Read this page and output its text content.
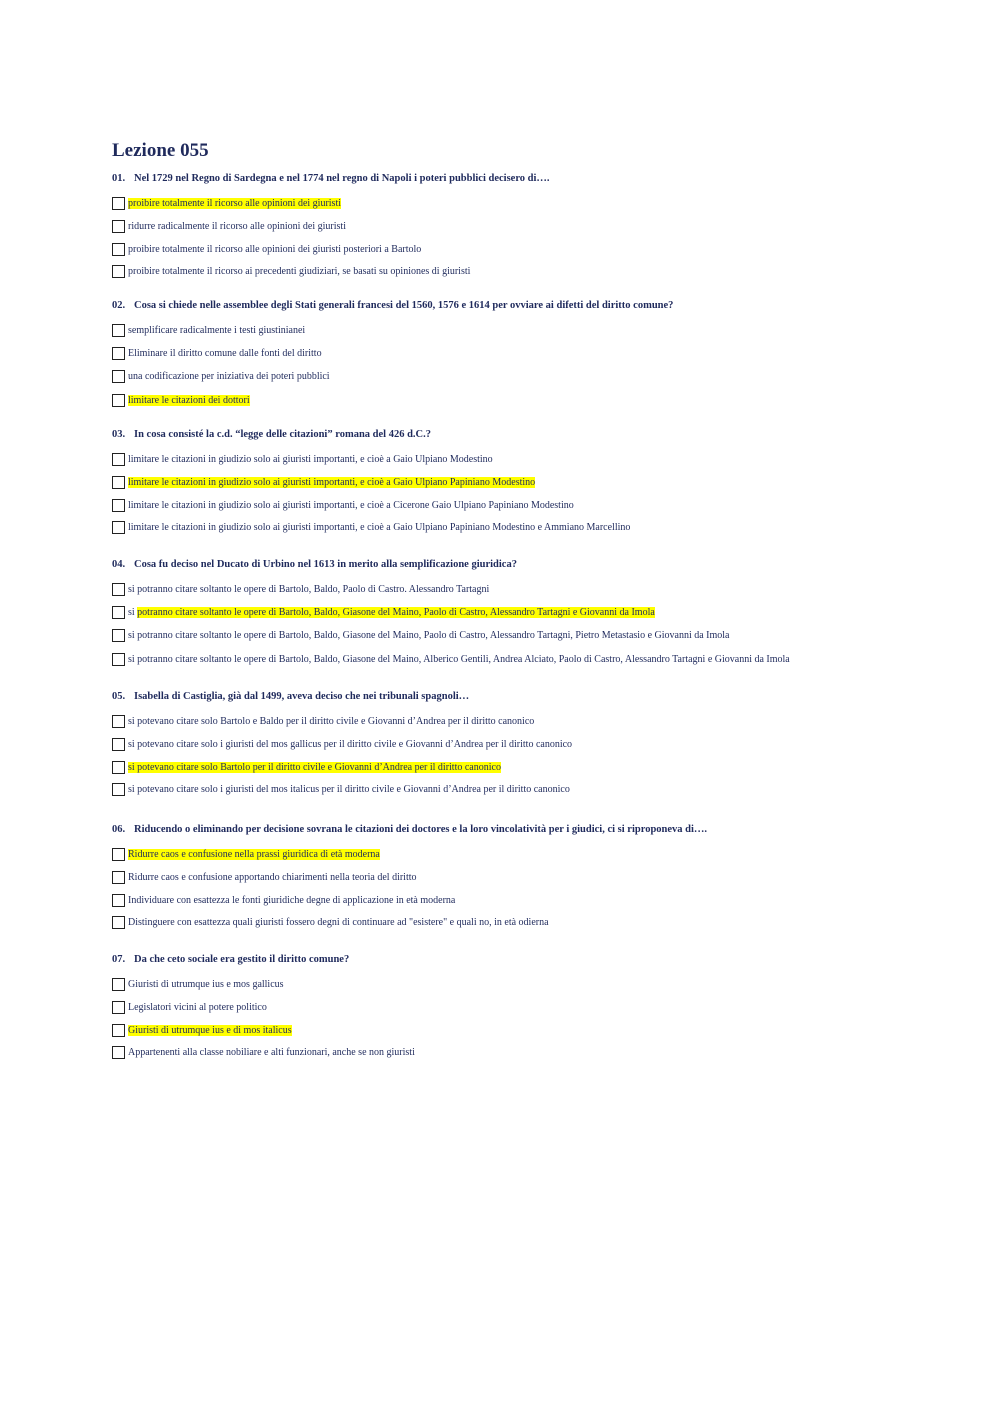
Lezione 055
01. Nel 1729 nel Regno di Sardegna e nel 1774 nel regno di Napoli i poteri pubblici decisero di….
proibire totalmente il ricorso alle opinioni dei giuristi
ridurre radicalmente il ricorso alle opinioni dei giuristi
proibire totalmente il ricorso alle opinioni dei giuristi posteriori a Bartolo
proibire totalmente il ricorso ai precedenti giudiziari, se basati su opiniones di giuristi
02. Cosa si chiede nelle assemblee degli Stati generali francesi del 1560, 1576 e 1614 per ovviare ai difetti del diritto comune?
semplificare radicalmente i testi giustinianei
Eliminare il diritto comune dalle fonti del diritto
una codificazione per iniziativa dei poteri pubblici
limitare le citazioni dei dottori
03. In cosa consisté la c.d. “legge delle citazioni” romana del 426 d.C.?
limitare le citazioni in giudizio solo ai giuristi importanti, e cioè a Gaio Ulpiano Modestino
limitare le citazioni in giudizio solo ai giuristi importanti, e cioè a Gaio Ulpiano Papiniano Modestino
limitare le citazioni in giudizio solo ai giuristi importanti, e cioè a Cicerone Gaio Ulpiano Papiniano Modestino
limitare le citazioni in giudizio solo ai giuristi importanti, e cioè a Gaio Ulpiano Papiniano Modestino e Ammiano Marcellino
04. Cosa fu deciso nel Ducato di Urbino nel 1613 in merito alla semplificazione giuridica?
si potranno citare soltanto le opere di Bartolo, Baldo, Paolo di Castro. Alessandro Tartagni
si potranno citare soltanto le opere di Bartolo, Baldo, Giasone del Maino, Paolo di Castro, Alessandro Tartagni e Giovanni da Imola
si potranno citare soltanto le opere di Bartolo, Baldo, Giasone del Maino, Paolo di Castro, Alessandro Tartagni, Pietro Metastasio e Giovanni da Imola
si potranno citare soltanto le opere di Bartolo, Baldo, Giasone del Maino, Alberico Gentili, Andrea Alciato, Paolo di Castro, Alessandro Tartagni e Giovanni da Imola
05. Isabella di Castiglia, già dal 1499, aveva deciso che nei tribunali spagnoli…
si potevano citare solo Bartolo e Baldo per il diritto civile e Giovanni d’Andrea per il diritto canonico
si potevano citare solo i giuristi del mos gallicus per il diritto civile e Giovanni d’Andrea per il diritto canonico
si potevano citare solo Bartolo per il diritto civile e Giovanni d’Andrea per il diritto canonico
si potevano citare solo i giuristi del mos italicus per il diritto civile e Giovanni d’Andrea per il diritto canonico
06. Riducendo o eliminando per decisione sovrana le citazioni dei doctores e la loro vincolatività per i giudici, ci si riproponeva di….
Ridurre caos e confusione nella prassi giuridica di età moderna
Ridurre caos e confusione apportando chiarimenti nella teoria del diritto
Individuare con esattezza le fonti giuridiche degne di applicazione in età moderna
Distinguere con esattezza quali giuristi fossero degni di continuare ad "esistere" e quali no, in età odierna
07. Da che ceto sociale era gestito il diritto comune?
Giuristi di utrumque ius e mos gallicus
Legislatori vicini al potere politico
Giuristi di utrumque ius e di mos italicus
Appartenenti alla classe nobiliare e alti funzionari, anche se non giuristi
